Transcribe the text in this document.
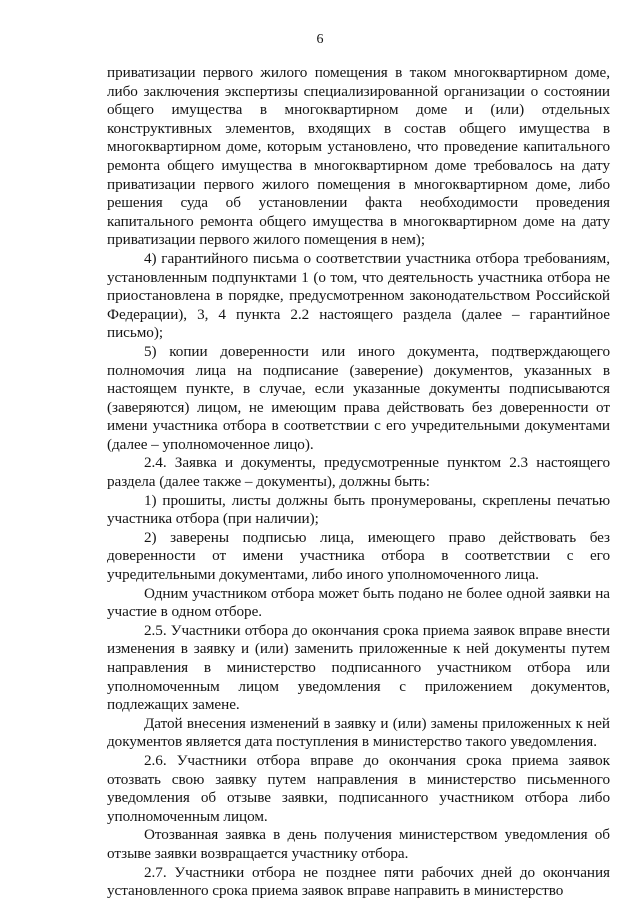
6

приватизации первого жилого помещения в таком многоквартирном доме, либо заключения экспертизы специализированной организации о состоянии общего имущества в многоквартирном доме и (или) отдельных конструктивных элементов, входящих в состав общего имущества в многоквартирном доме, которым установлено, что проведение капитального ремонта общего имущества в многоквартирном доме требовалось на дату приватизации первого жилого помещения в многоквартирном доме, либо решения суда об установлении факта необходимости проведения капитального ремонта общего имущества в многоквартирном доме на дату приватизации первого жилого помещения в нем);

4) гарантийного письма о соответствии участника отбора требованиям, установленным подпунктами 1 (о том, что деятельность участника отбора не приостановлена в порядке, предусмотренном законодательством Российской Федерации), 3, 4 пункта 2.2 настоящего раздела (далее – гарантийное письмо);

5) копии доверенности или иного документа, подтверждающего полномочия лица на подписание (заверение) документов, указанных в настоящем пункте, в случае, если указанные документы подписываются (заверяются) лицом, не имеющим права действовать без доверенности от имени участника отбора в соответствии с его учредительными документами (далее – уполномоченное лицо).

2.4. Заявка и документы, предусмотренные пунктом 2.3 настоящего раздела (далее также – документы), должны быть:

1) прошиты, листы должны быть пронумерованы, скреплены печатью участника отбора (при наличии);

2) заверены подписью лица, имеющего право действовать без доверенности от имени участника отбора в соответствии с его учредительными документами, либо иного уполномоченного лица.

Одним участником отбора может быть подано не более одной заявки на участие в одном отборе.

2.5. Участники отбора до окончания срока приема заявок вправе внести изменения в заявку и (или) заменить приложенные к ней документы путем направления в министерство подписанного участником отбора или уполномоченным лицом уведомления с приложением документов, подлежащих замене.

Датой внесения изменений в заявку и (или) замены приложенных к ней документов является дата поступления в министерство такого уведомления.

2.6. Участники отбора вправе до окончания срока приема заявок отозвать свою заявку путем направления в министерство письменного уведомления об отзыве заявки, подписанного участником отбора либо уполномоченным лицом.

Отозванная заявка в день получения министерством уведомления об отзыве заявки возвращается участнику отбора.

2.7. Участники отбора не позднее пяти рабочих дней до окончания установленного срока приема заявок вправе направить в министерство
